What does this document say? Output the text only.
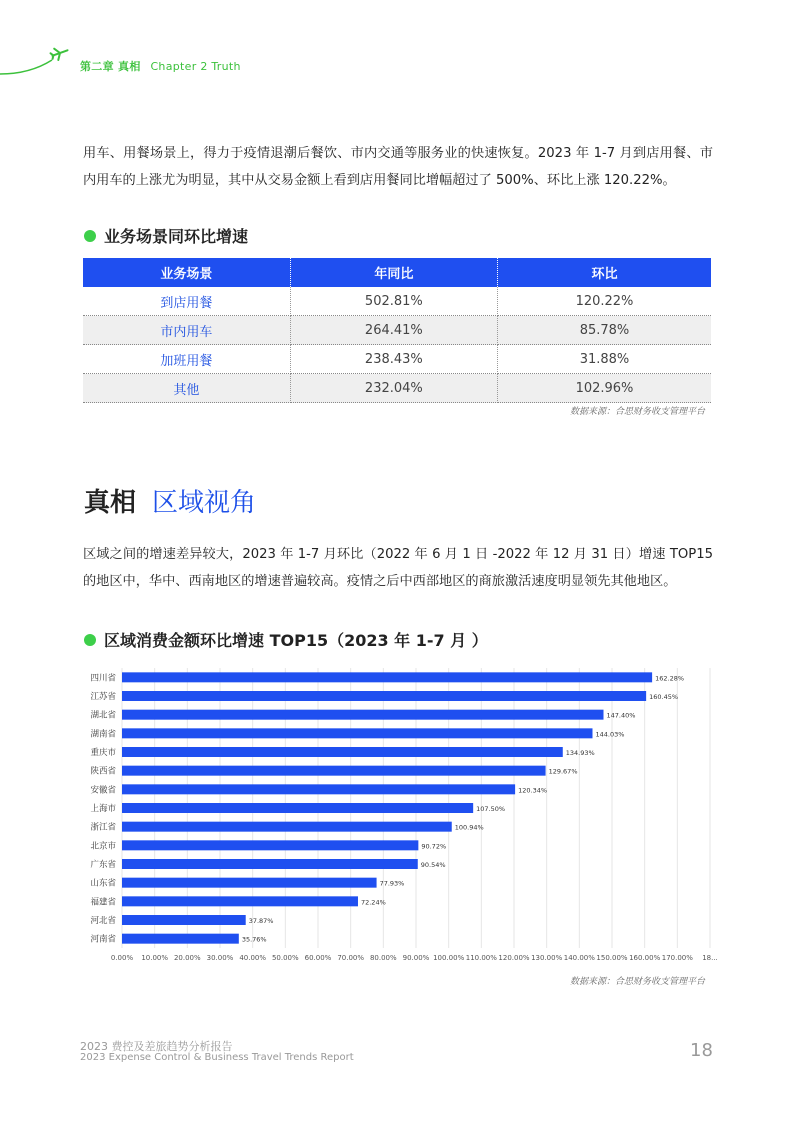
第二章 真相 Chapter 2 Truth
用车、用餐场景上，得力于疫情退潮后餐饮、市内交通等服务业的快速恢复。2023 年 1-7 月到店用餐、市内用车的上涨尤为明显，其中从交易金额上看到店用餐同比增幅超过了 500%、环比上涨 120.22%。
业务场景同环比增速
业务场景	年同比	环比
到店用餐	502.81%	120.22%
市内用车	264.41%	85.78%
加班用餐	238.43%	31.88%
其他	232.04%	102.96%
数据来源：合思财务收支管理平台
真相 区域视角
区域之间的增速差异较大，2023 年 1-7 月环比（2022 年 6 月 1 日 -2022 年 12 月 31 日）增速 TOP15 的地区中，华中、西南地区的增速普遍较高。疫情之后中西部地区的商旅激活速度明显领先其他地区。
区域消费金额环比增速 TOP15（2023 年 1-7 月 ）
0.00% 10.00% 20.00% 30.00% 40.00% 50.00% 60.00% 70.00% 80.00% 90.00% 100.00% 110.00% 120.00% 130.00% 140.00% 150.00% 160.00% 170.00% 18...
四川省	162.28%
江苏省	160.45%
湖北省	147.40%
湖南省	144.03%
重庆市	134.93%
陕西省	129.67%
安徽省	120.34%
上海市	107.50%
浙江省	100.94%
北京市	90.72%
广东省	90.54%
山东省	77.93%
福建省	72.24%
河北省	37.87%
河南省	35.76%
数据来源：合思财务收支管理平台
2023 费控及差旅趋势分析报告
2023 Expense Control & Business Travel Trends Report	18
